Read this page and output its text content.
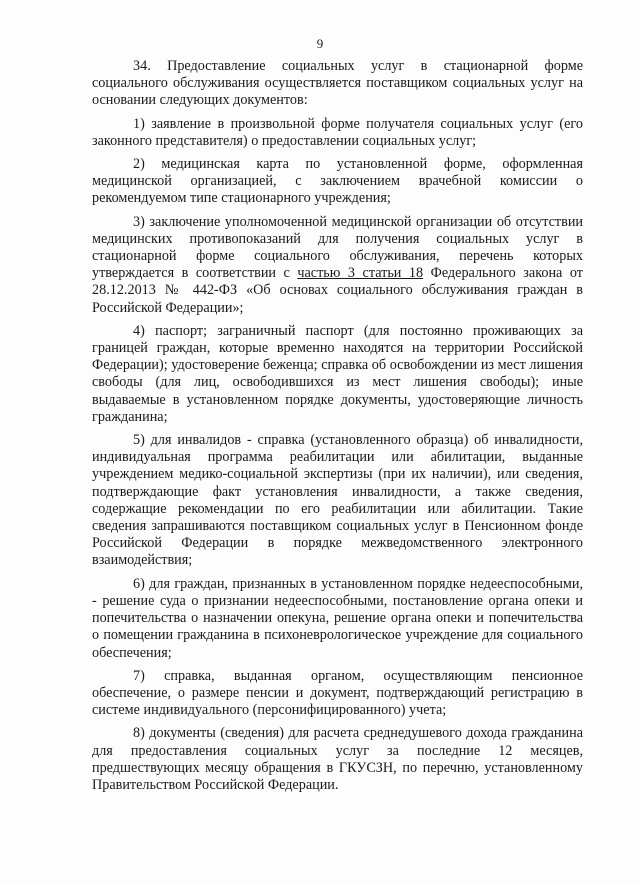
9

34. Предоставление социальных услуг в стационарной форме социального обслуживания осуществляется поставщиком социальных услуг на основании следующих документов:

1) заявление в произвольной форме получателя социальных услуг (его законного представителя) о предоставлении социальных услуг;

2) медицинская карта по установленной форме, оформленная медицинской организацией, с заключением врачебной комиссии о рекомендуемом типе стационарного учреждения;

3) заключение уполномоченной медицинской организации об отсутствии медицинских противопоказаний для получения социальных услуг в стационарной форме социального обслуживания, перечень которых утверждается в соответствии с частью 3 статьи 18 Федерального закона от 28.12.2013 № 442-ФЗ «Об основах социального обслуживания граждан в Российской Федерации»;

4) паспорт; заграничный паспорт (для постоянно проживающих за границей граждан, которые временно находятся на территории Российской Федерации); удостоверение беженца; справка об освобождении из мест лишения свободы (для лиц, освободившихся из мест лишения свободы); иные выдаваемые в установленном порядке документы, удостоверяющие личность гражданина;

5) для инвалидов - справка (установленного образца) об инвалидности, индивидуальная программа реабилитации или абилитации, выданные учреждением медико-социальной экспертизы (при их наличии), или сведения, подтверждающие факт установления инвалидности, а также сведения, содержащие рекомендации по его реабилитации или абилитации. Такие сведения запрашиваются поставщиком социальных услуг в Пенсионном фонде Российской Федерации в порядке межведомственного электронного взаимодействия;

6) для граждан, признанных в установленном порядке недееспособными, - решение суда о признании недееспособными, постановление органа опеки и попечительства о назначении опекуна, решение органа опеки и попечительства о помещении гражданина в психоневрологическое учреждение для социального обеспечения;

7) справка, выданная органом, осуществляющим пенсионное обеспечение, о размере пенсии и документ, подтверждающий регистрацию в системе индивидуального (персонифицированного) учета;

8) документы (сведения) для расчета среднедушевого дохода гражданина для предоставления социальных услуг за последние 12 месяцев, предшествующих месяцу обращения в ГКУСЗН, по перечню, установленному Правительством Российской Федерации.
